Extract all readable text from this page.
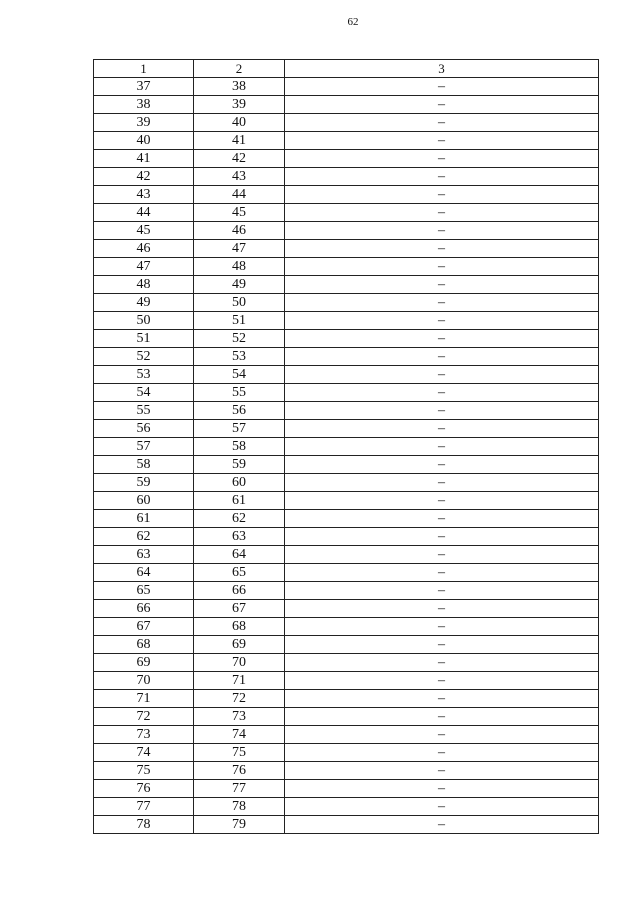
62
1	2	3
37	38	–
38	39	–
39	40	–
40	41	–
41	42	–
42	43	–
43	44	–
44	45	–
45	46	–
46	47	–
47	48	–
48	49	–
49	50	–
50	51	–
51	52	–
52	53	–
53	54	–
54	55	–
55	56	–
56	57	–
57	58	–
58	59	–
59	60	–
60	61	–
61	62	–
62	63	–
63	64	–
64	65	–
65	66	–
66	67	–
67	68	–
68	69	–
69	70	–
70	71	–
71	72	–
72	73	–
73	74	–
74	75	–
75	76	–
76	77	–
77	78	–
78	79	–
